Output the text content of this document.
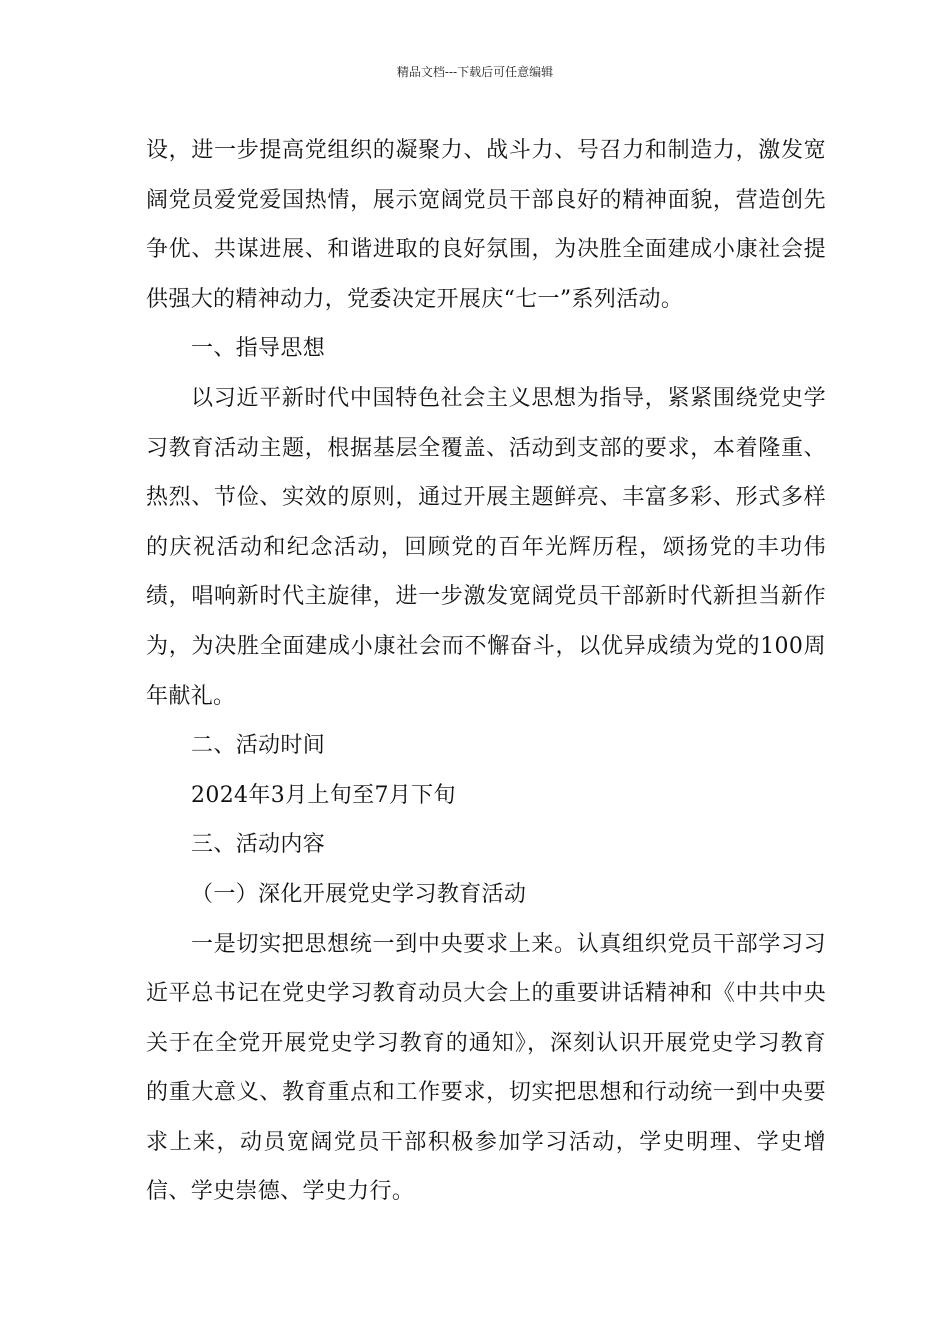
精品文档---下载后可任意编辑

设，进一步提高党组织的凝聚力、战斗力、号召力和制造力，激发宽阔党员爱党爱国热情，展示宽阔党员干部良好的精神面貌，营造创先争优、共谋进展、和谐进取的良好氛围，为决胜全面建成小康社会提供强大的精神动力，党委决定开展庆“七一”系列活动。

一、指导思想

以习近平新时代中国特色社会主义思想为指导，紧紧围绕党史学习教育活动主题，根据基层全覆盖、活动到支部的要求，本着隆重、热烈、节俭、实效的原则，通过开展主题鲜亮、丰富多彩、形式多样的庆祝活动和纪念活动，回顾党的百年光辉历程，颂扬党的丰功伟绩，唱响新时代主旋律，进一步激发宽阔党员干部新时代新担当新作为，为决胜全面建成小康社会而不懈奋斗，以优异成绩为党的100周年献礼。

二、活动时间

2024年3月上旬至7月下旬

三、活动内容

（一）深化开展党史学习教育活动

一是切实把思想统一到中央要求上来。认真组织党员干部学习习近平总书记在党史学习教育动员大会上的重要讲话精神和《中共中央关于在全党开展党史学习教育的通知》，深刻认识开展党史学习教育的重大意义、教育重点和工作要求，切实把思想和行动统一到中央要求上来，动员宽阔党员干部积极参加学习活动，学史明理、学史增信、学史崇德、学史力行。
